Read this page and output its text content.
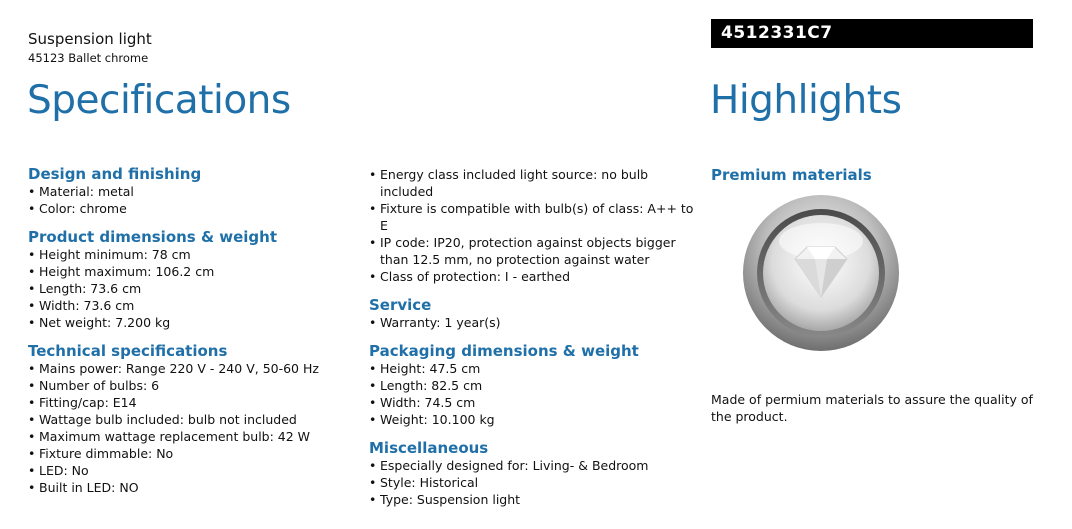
Suspension light
45123 Ballet chrome
4512331C7
Specifications	Highlights
Design and finishing
• Material: metal
• Color: chrome
Product dimensions & weight
• Height minimum: 78 cm
• Height maximum: 106.2 cm
• Length: 73.6 cm
• Width: 73.6 cm
• Net weight: 7.200 kg
Technical specifications
• Mains power: Range 220 V - 240 V, 50-60 Hz
• Number of bulbs: 6
• Fitting/cap: E14
• Wattage bulb included: bulb not included
• Maximum wattage replacement bulb: 42 W
• Fixture dimmable: No
• LED: No
• Built in LED: NO
• Energy class included light source: no bulb included
• Fixture is compatible with bulb(s) of class: A++ to E
• IP code: IP20, protection against objects bigger than 12.5 mm, no protection against water
• Class of protection: I - earthed
Service
• Warranty: 1 year(s)
Packaging dimensions & weight
• Height: 47.5 cm
• Length: 82.5 cm
• Width: 74.5 cm
• Weight: 10.100 kg
Miscellaneous
• Especially designed for: Living- & Bedroom
• Style: Historical
• Type: Suspension light
Premium materials
Made of permium materials to assure the quality of the product.
